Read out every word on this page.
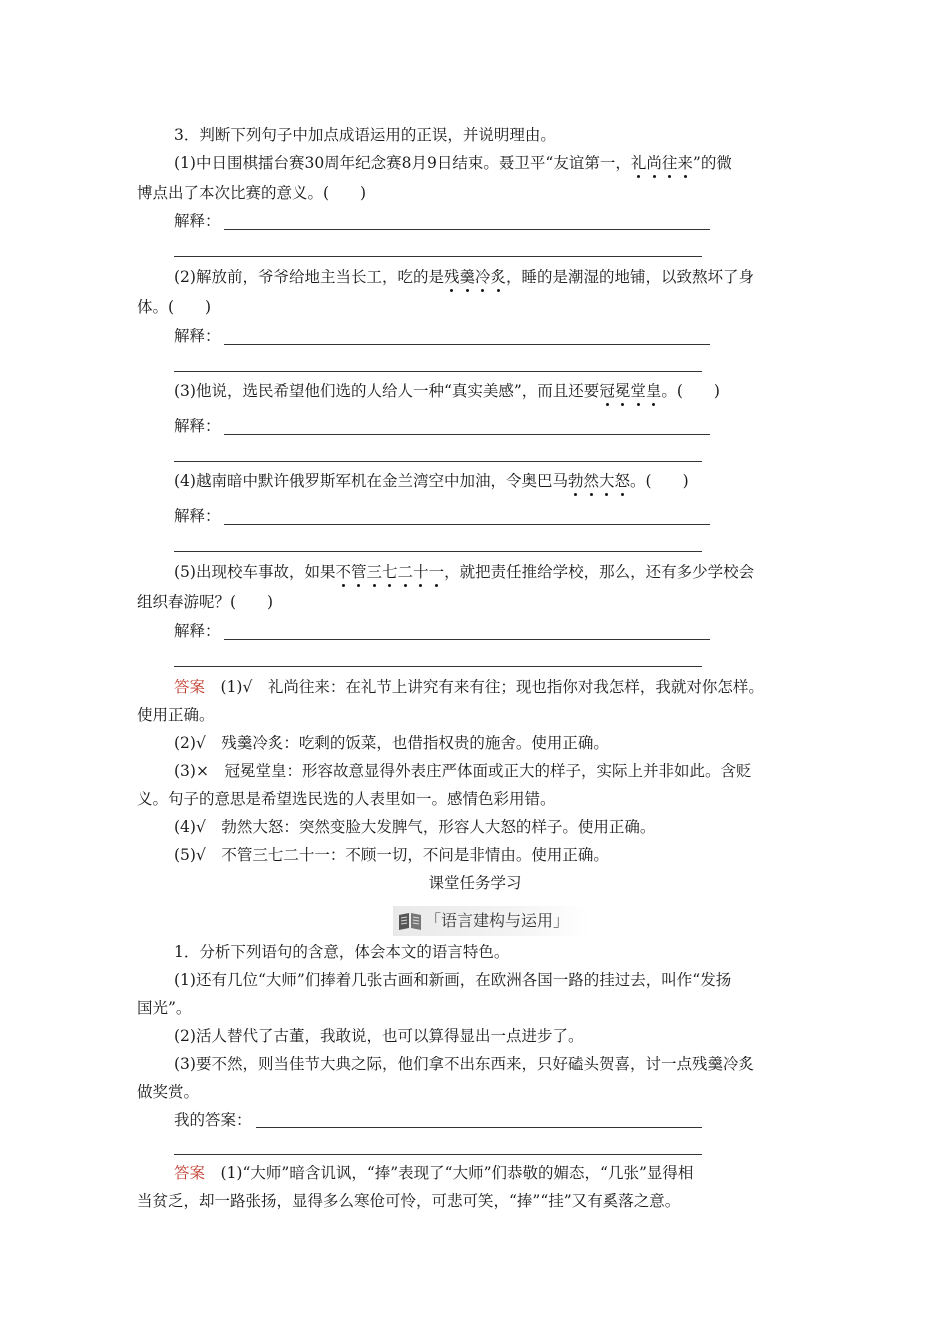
3．判断下列句子中加点成语运用的正误，并说明理由。
(1)中日围棋擂台赛30周年纪念赛8月9日结束。聂卫平“友谊第一，礼尚往来”的微
博点出了本次比赛的意义。(　　)
解释：
(2)解放前，爷爷给地主当长工，吃的是残羹冷炙，睡的是潮湿的地铺，以致熬坏了身
体。(　　)
解释：
(3)他说，选民希望他们选的人给人一种“真实美感”，而且还要冠冕堂皇。(　　)
解释：
(4)越南暗中默许俄罗斯军机在金兰湾空中加油，令奥巴马勃然大怒。(　　)
解释：
(5)出现校车事故，如果不管三七二十一，就把责任推给学校，那么，还有多少学校会
组织春游呢？(　　)
解释：
答案　(1)√　礼尚往来：在礼节上讲究有来有往；现也指你对我怎样，我就对你怎样。
使用正确。
(2)√　残羹冷炙：吃剩的饭菜，也借指权贵的施舍。使用正确。
(3)×　冠冕堂皇：形容故意显得外表庄严体面或正大的样子，实际上并非如此。含贬
义。句子的意思是希望选民选的人表里如一。感情色彩用错。
(4)√　勃然大怒：突然变脸大发脾气，形容人大怒的样子。使用正确。
(5)√　不管三七二十一：不顾一切，不问是非情由。使用正确。
课堂任务学习
「语言建构与运用」
1．分析下列语句的含意，体会本文的语言特色。
(1)还有几位“大师”们捧着几张古画和新画，在欧洲各国一路的挂过去，叫作“发扬
国光”。
(2)活人替代了古董，我敢说，也可以算得显出一点进步了。
(3)要不然，则当佳节大典之际，他们拿不出东西来，只好磕头贺喜，讨一点残羹冷炙
做奖赏。
我的答案：
答案　(1)“大师”暗含讥讽，“捧”表现了“大师”们恭敬的媚态，“几张”显得相
当贫乏，却一路张扬，显得多么寒伧可怜，可悲可笑，“捧”“挂”又有奚落之意。
